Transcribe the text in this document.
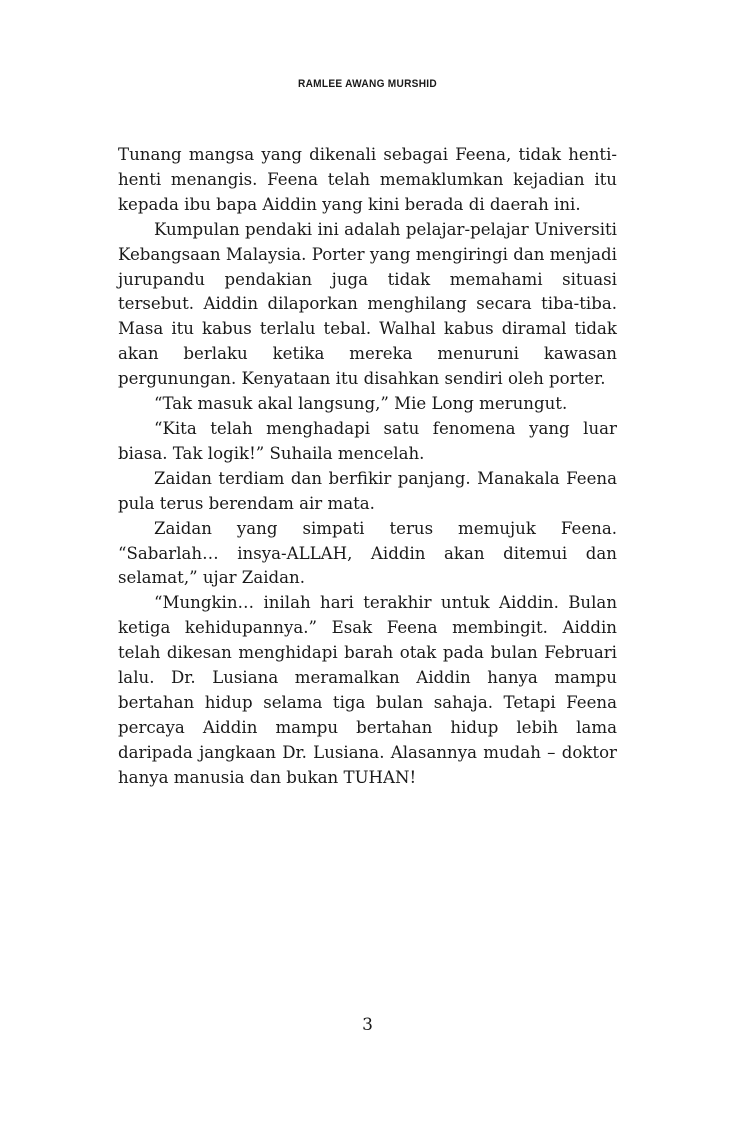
RAMLEE AWANG MURSHID

Tunang mangsa yang dikenali sebagai Feena, tidak henti-henti menangis. Feena telah memaklumkan kejadian itu kepada ibu bapa Aiddin yang kini berada di daerah ini.

Kumpulan pendaki ini adalah pelajar-pelajar Universiti Kebangsaan Malaysia. Porter yang mengiringi dan menjadi jurupandu pendakian juga tidak memahami situasi tersebut. Aiddin dilaporkan menghilang secara tiba-tiba. Masa itu kabus terlalu tebal. Walhal kabus diramal tidak akan berlaku ketika mereka menuruni kawasan pergunungan. Kenyataan itu disahkan sendiri oleh porter.

“Tak masuk akal langsung,” Mie Long merungut.

“Kita telah menghadapi satu fenomena yang luar biasa. Tak logik!” Suhaila mencelah.

Zaidan terdiam dan berfikir panjang. Manakala Feena pula terus berendam air mata.

Zaidan yang simpati terus memujuk Feena. “Sabarlah… insya-ALLAH, Aiddin akan ditemui dan selamat,” ujar Zaidan.

“Mungkin… inilah hari terakhir untuk Aiddin. Bulan ketiga kehidupannya.” Esak Feena membingit. Aiddin telah dikesan menghidapi barah otak pada bulan Februari lalu. Dr. Lusiana meramalkan Aiddin hanya mampu bertahan hidup selama tiga bulan sahaja. Tetapi Feena percaya Aiddin mampu bertahan hidup lebih lama daripada jangkaan Dr. Lusiana. Alasannya mudah – doktor hanya manusia dan bukan TUHAN!

3
